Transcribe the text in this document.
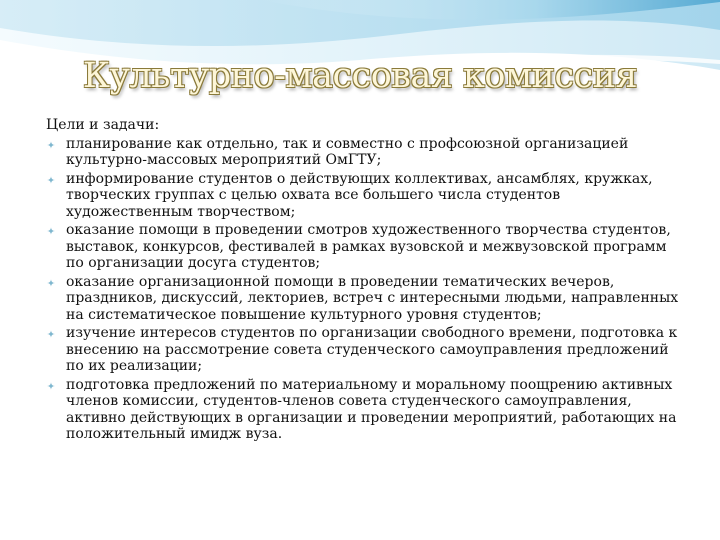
Культурно-массовая комиссия
Цели и задачи:
планирование как отдельно, так и совместно с профсоюзной организацией культурно-массовых мероприятий ОмГТУ;
информирование студентов о действующих коллективах, ансамблях, кружках, творческих группах с целью охвата все большего числа студентов художественным творчеством;
оказание помощи в проведении смотров художественного творчества студентов, выставок, конкурсов, фестивалей в рамках вузовской и межвузовской программ по организации досуга студентов;
оказание организационной помощи в проведении тематических вечеров, праздников, дискуссий, лекториев, встреч с интересными людьми, направленных на систематическое повышение культурного уровня студентов;
изучение интересов студентов по организации свободного времени, подготовка к внесению на рассмотрение совета студенческого самоуправления предложений по их реализации;
подготовка предложений по материальному и моральному поощрению активных членов комиссии, студентов-членов совета студенческого самоуправления, активно действующих в организации и проведении мероприятий, работающих на положительный имидж вуза.
